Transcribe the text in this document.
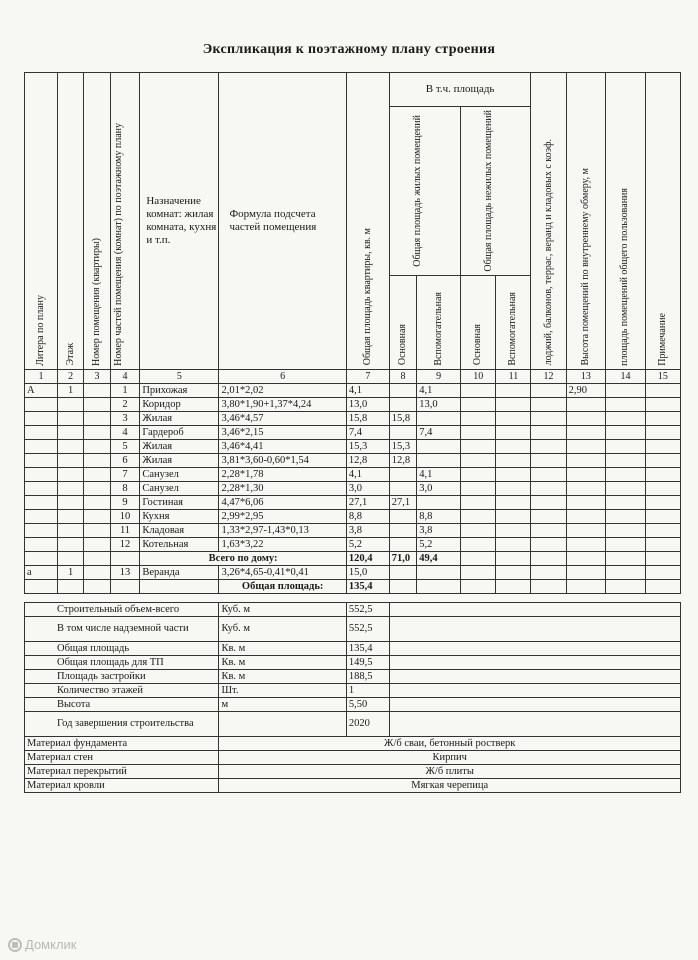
Экспликация к поэтажному плану строения
Литера по плану	Этаж	Номер помещения (квартиры)	Номер частей помещения (комнат) по поэтажному плану	Назначение комнат: жилая комната, кухня и т.п.	Формула подсчета частей помещения	Общая площадь квартиры, кв. м	В т.ч. площадь				лоджий, балконов, террас, веранд и кладовых с коэф.	Высота помещений по внутреннему обмеру, м	площадь помещений общего пользования	Примечание

							Общая площадь жилых помещений		Общая площадь нежилых помещений					

							Основная	Вспомогательная	Основная	Вспомогательная				

1	2	3	4	5	6	7	8	9	10	11	12	13	14	15
А	1		1	Прихожая	2,01*2,02	4,1		4,1				2,90		
			2	Коридор	3,80*1,90+1,37*4,24	13,0		13,0						
			3	Жилая	3,46*4,57	15,8	15,8							
			4	Гардероб	3,46*2,15	7,4		7,4						
			5	Жилая	3,46*4,41	15,3	15,3							
			6	Жилая	3,81*3,60-0,60*1,54	12,8	12,8							
			7	Санузел	2,28*1,78	4,1		4,1						
			8	Санузел	2,28*1,30	3,0		3,0						
			9	Гостиная	4,47*6,06	27,1	27,1							
			10	Кухня	2,99*2,95	8,8		8,8						
			11	Кладовая	1,33*2,97-1,43*0,13	3,8		3,8						
			12	Котельная	1,63*3,22	5,2		5,2						
				Всего по дому:		120,4	71,0	49,4						
а	1		13	Веранда	3,26*4,65-0,41*0,41	15,0								
					Общая площадь:	135,4								

Строительный объем-всего					Куб. м	552,5								
В том числе надземной части					Куб. м	552,5								
Общая площадь					Кв. м	135,4								
Общая площадь для ТП					Кв. м	149,5								
Площадь застройки					Кв. м	188,5								
Количество этажей					Шт.	1								
Высота					м	5,50								
Год завершения строительства						2020								
Материал фундамента					Ж/б сваи, бетонный ростверк									
Материал стен					Кирпич									
Материал перекрытий					Ж/б плиты									
Материал кровли					Мягкая черепица									
Домклик
